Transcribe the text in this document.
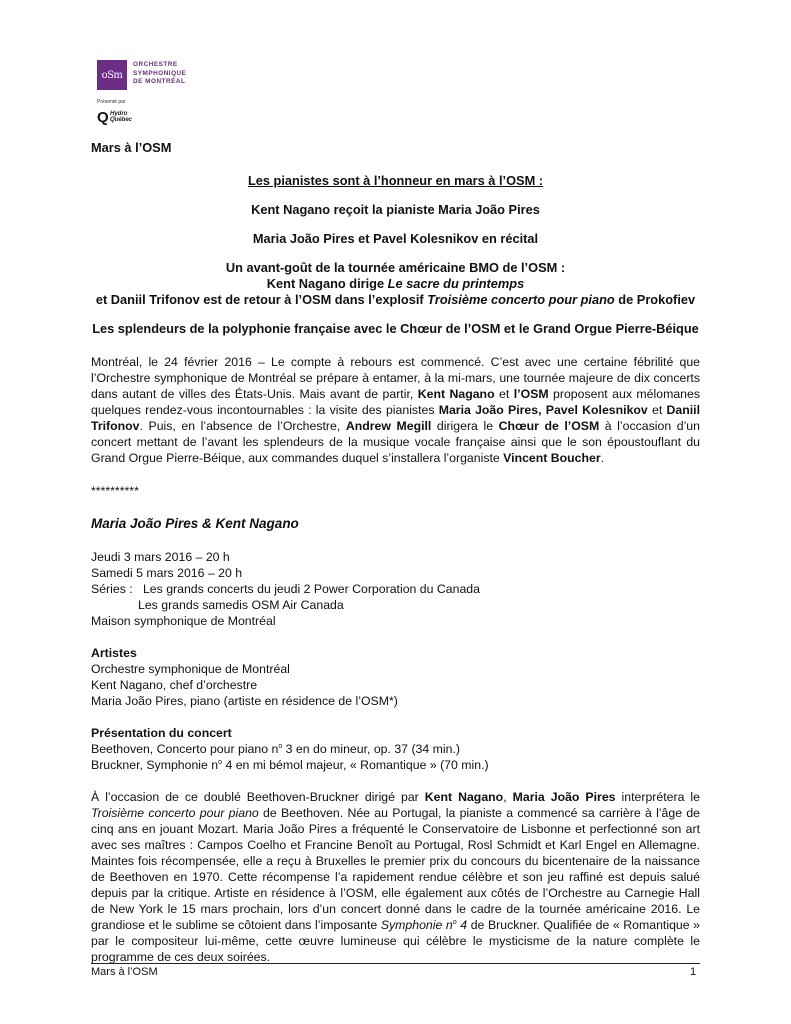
oSm
ORCHESTRE
SYMPHONIQUE
DE MONTRÉAL
Présenté par
Q Hydro
Québec

Mars à l’OSM

Les pianistes sont à l’honneur en mars à l’OSM :

Kent Nagano reçoit la pianiste Maria João Pires

Maria João Pires et Pavel Kolesnikov en récital

Un avant-goût de la tournée américaine BMO de l’OSM :

Kent Nagano dirige Le sacre du printemps

et Daniil Trifonov est de retour à l’OSM dans l’explosif Troisième concerto pour piano de Prokofiev

Les splendeurs de la polyphonie française avec le Chœur de l’OSM et le Grand Orgue Pierre-Béique

Montréal, le 24 février 2016 – Le compte à rebours est commencé. C’est avec une certaine fébrilité que l’Orchestre symphonique de Montréal se prépare à entamer, à la mi-mars, une tournée majeure de dix concerts dans autant de villes des États-Unis. Mais avant de partir, Kent Nagano et l’OSM proposent aux mélomanes quelques rendez-vous incontournables : la visite des pianistes Maria João Pires, Pavel Kolesnikov et Daniil Trifonov. Puis, en l’absence de l’Orchestre, Andrew Megill dirigera le Chœur de l’OSM à l’occasion d’un concert mettant de l’avant les splendeurs de la musique vocale française ainsi que le son époustouflant du Grand Orgue Pierre-Béique, aux commandes duquel s’installera l’organiste Vincent Boucher.

**********

Maria João Pires & Kent Nagano

Jeudi 3 mars 2016 – 20 h
Samedi 5 mars 2016 – 20 h
Séries : Les grands concerts du jeudi 2 Power Corporation du Canada
Les grands samedis OSM Air Canada
Maison symphonique de Montréal
Artistes
Orchestre symphonique de Montréal
Kent Nagano, chef d’orchestre
Maria João Pires, piano (artiste en résidence de l’OSM*)
Présentation du concert
Beethoven, Concerto pour piano $n^o$ 3 en do mineur, op. 37 (34 min.)
Bruckner, Symphonie $n^o$ 4 en mi bémol majeur, « Romantique » (70 min.)

À l’occasion de ce doublé Beethoven-Bruckner dirigé par Kent Nagano, Maria João Pires interprétera le Troisième concerto pour piano de Beethoven. Née au Portugal, la pianiste a commencé sa carrière à l’âge de cinq ans en jouant Mozart. Maria João Pires a fréquenté le Conservatoire de Lisbonne et perfectionné son art avec ses maîtres : Campos Coelho et Francine Benoît au Portugal, Rosl Schmidt et Karl Engel en Allemagne. Maintes fois récompensée, elle a reçu à Bruxelles le premier prix du concours du bicentenaire de la naissance de Beethoven en 1970. Cette récompense l’a rapidement rendue célèbre et son jeu raffiné est depuis salué depuis par la critique. Artiste en résidence à l’OSM, elle également aux côtés de l’Orchestre au Carnegie Hall de New York le 15 mars prochain, lors d’un concert donné dans le cadre de la tournée américaine 2016. Le grandiose et le sublime se côtoient dans l’imposante Symphonie $n^o$ 4 de Bruckner. Qualifiée de « Romantique » par le compositeur lui-même, cette œuvre lumineuse qui célèbre le mysticisme de la nature complète le programme de ces deux soirées.

Mars à l’OSM	1
